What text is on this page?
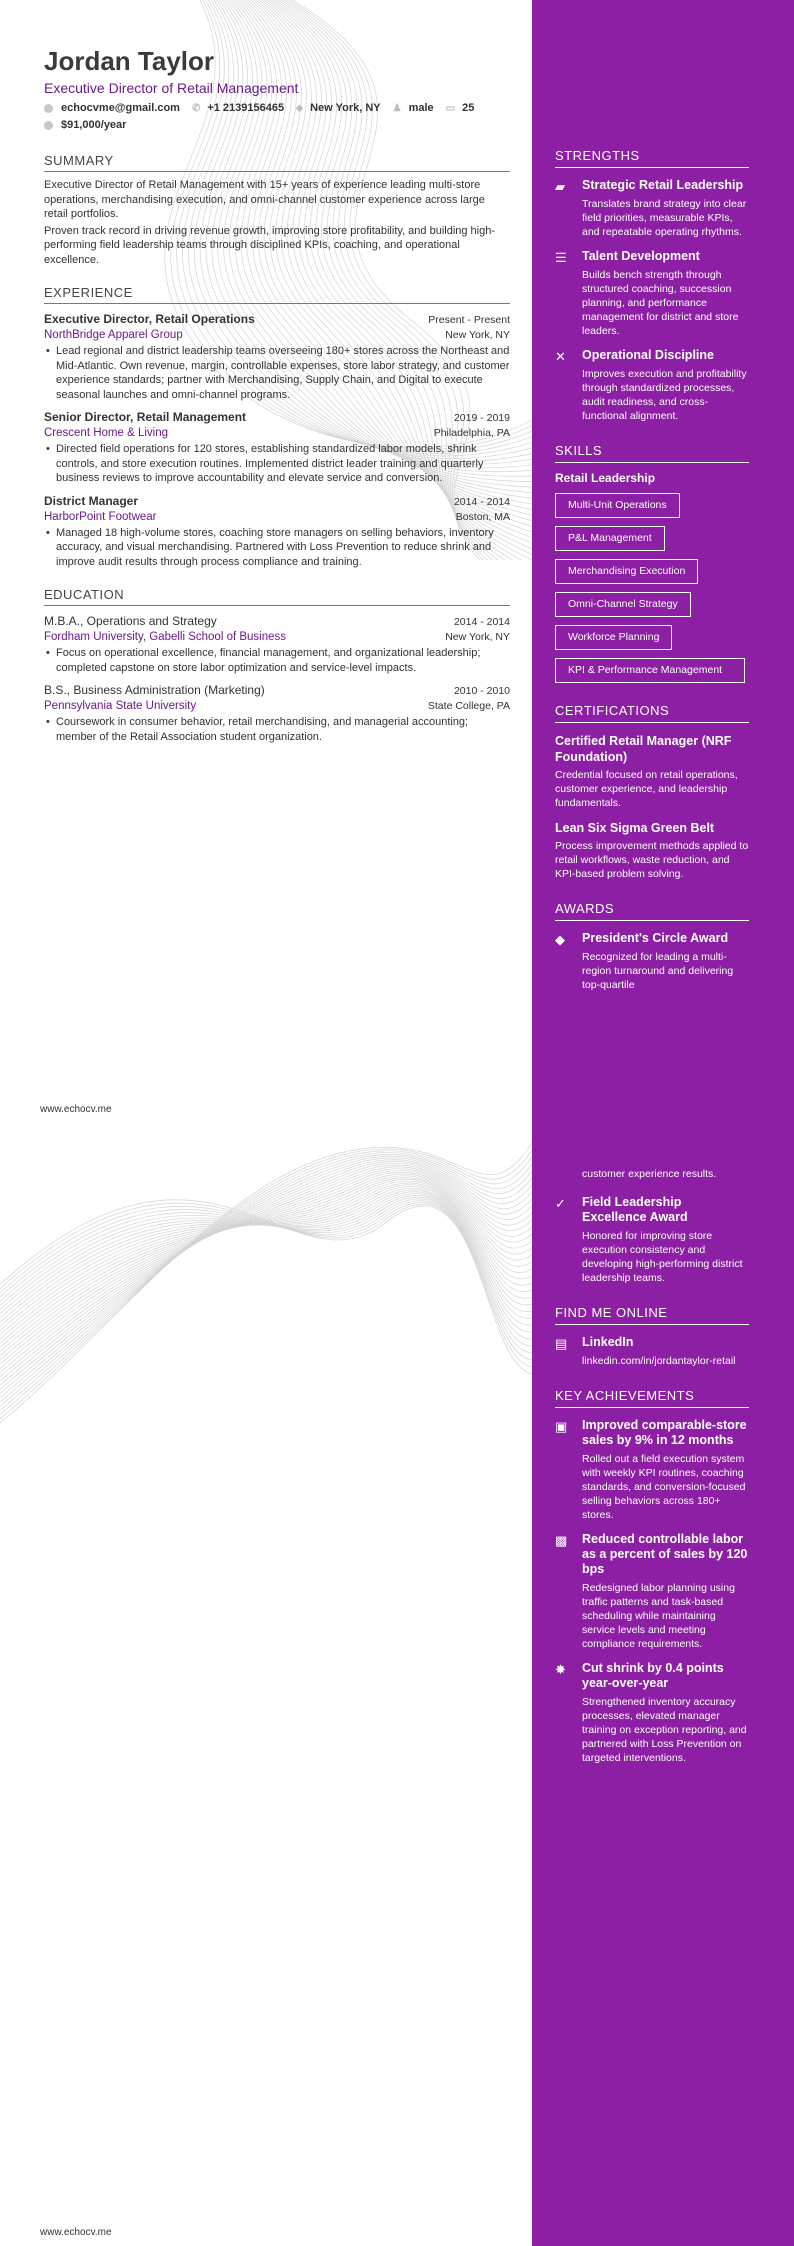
Jordan Taylor
Executive Director of Retail Management
echocvme@gmail.com ✆ +1 2139156465 ⬥ New York, NY ♟ male ▭ 25
$91,000/year
SUMMARY
Executive Director of Retail Management with 15+ years of experience leading multi-store operations, merchandising execution, and omni-channel customer experience across large retail portfolios.
Proven track record in driving revenue growth, improving store profitability, and building high-performing field leadership teams through disciplined KPIs, coaching, and operational excellence.
EXPERIENCE
Executive Director, Retail Operations	Present - Present
NorthBridge Apparel Group	New York, NY
• Lead regional and district leadership teams overseeing 180+ stores across the Northeast and Mid-Atlantic. Own revenue, margin, controllable expenses, store labor strategy, and customer experience standards; partner with Merchandising, Supply Chain, and Digital to execute seasonal launches and omni-channel programs.
Senior Director, Retail Management	2019 - 2019
Crescent Home & Living	Philadelphia, PA
• Directed field operations for 120 stores, establishing standardized labor models, shrink controls, and store execution routines. Implemented district leader training and quarterly business reviews to improve accountability and elevate service and conversion.
District Manager	2014 - 2014
HarborPoint Footwear	Boston, MA
• Managed 18 high-volume stores, coaching store managers on selling behaviors, inventory accuracy, and visual merchandising. Partnered with Loss Prevention to reduce shrink and improve audit results through process compliance and training.
EDUCATION
M.B.A., Operations and Strategy	2014 - 2014
Fordham University, Gabelli School of Business	New York, NY
• Focus on operational excellence, financial management, and organizational leadership; completed capstone on store labor optimization and service-level impacts.
B.S., Business Administration (Marketing)	2010 - 2010
Pennsylvania State University	State College, PA
• Coursework in consumer behavior, retail merchandising, and managerial accounting; member of the Retail Association student organization.
STRENGTHS
▰	Strategic Retail Leadership
Translates brand strategy into clear field priorities, measurable KPIs, and repeatable operating rhythms.
☰	Talent Development
Builds bench strength through structured coaching, succession planning, and performance management for district and store leaders.
✕	Operational Discipline
Improves execution and profitability through standardized processes, audit readiness, and cross-functional alignment.
SKILLS
Retail Leadership
Multi-Unit Operations
P&L Management
Merchandising Execution
Omni-Channel Strategy
Workforce Planning
KPI & Performance Management
CERTIFICATIONS
Certified Retail Manager (NRF Foundation)
Credential focused on retail operations, customer experience, and leadership fundamentals.
Lean Six Sigma Green Belt
Process improvement methods applied to retail workflows, waste reduction, and KPI-based problem solving.
AWARDS
◆	President's Circle Award
Recognized for leading a multi-region turnaround and delivering top-quartile
www.echocv.me
customer experience results.
✓	Field Leadership Excellence Award
Honored for improving store execution consistency and developing high-performing district leadership teams.
FIND ME ONLINE
▤	LinkedIn
linkedin.com/in/jordantaylor-retail
KEY ACHIEVEMENTS
▣	Improved comparable-store sales by 9% in 12 months
Rolled out a field execution system with weekly KPI routines, coaching standards, and conversion-focused selling behaviors across 180+ stores.
▩	Reduced controllable labor as a percent of sales by 120 bps
Redesigned labor planning using traffic patterns and task-based scheduling while maintaining service levels and meeting compliance requirements.
✸	Cut shrink by 0.4 points year-over-year
Strengthened inventory accuracy processes, elevated manager training on exception reporting, and partnered with Loss Prevention on targeted interventions.
www.echocv.me
